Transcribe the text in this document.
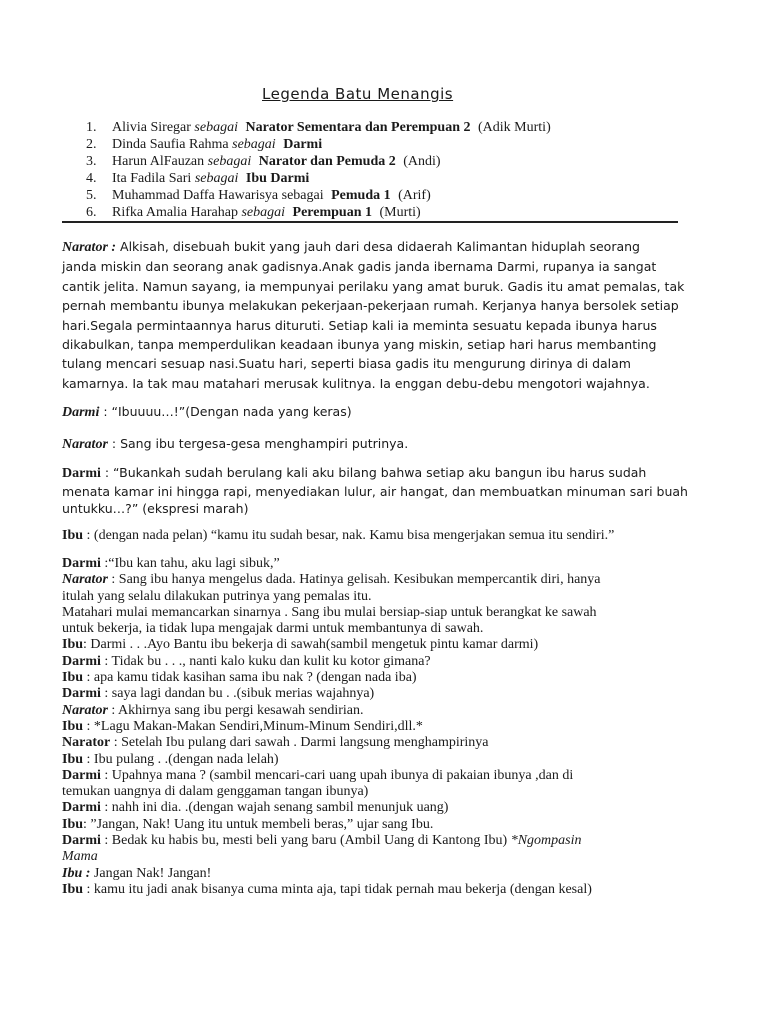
Legenda Batu Menangis
1. Alivia Siregar sebagai Narator Sementara dan Perempuan 2 (Adik Murti)
2. Dinda Saufia Rahma sebagai Darmi
3. Harun AlFauzan sebagai Narator dan Pemuda 2 (Andi)
4. Ita Fadila Sari sebagai Ibu Darmi
5. Muhammad Daffa Hawarisya sebagai Pemuda 1 (Arif)
6. Rifka Amalia Harahap sebagai Perempuan 1 (Murti)

Narator : Alkisah, disebuah bukit yang jauh dari desa didaerah Kalimantan hiduplah seorang
janda miskin dan seorang anak gadisnya.Anak gadis janda ibernama Darmi, rupanya ia sangat
cantik jelita. Namun sayang, ia mempunyai perilaku yang amat buruk. Gadis itu amat pemalas, tak
pernah membantu ibunya melakukan pekerjaan-pekerjaan rumah. Kerjanya hanya bersolek setiap
hari.Segala permintaannya harus dituruti. Setiap kali ia meminta sesuatu kepada ibunya harus
dikabulkan, tanpa memperdulikan keadaan ibunya yang miskin, setiap hari harus membanting
tulang mencari sesuap nasi.Suatu hari, seperti biasa gadis itu mengurung dirinya di dalam
kamarnya. Ia tak mau matahari merusak kulitnya. Ia enggan debu-debu mengotori wajahnya.

Darmi : “Ibuuuu…!”(Dengan nada yang keras)
Narator : Sang ibu tergesa-gesa menghampiri putrinya.
Darmi : “Bukankah sudah berulang kali aku bilang bahwa setiap aku bangun ibu harus sudah
menata kamar ini hingga rapi, menyediakan lulur, air hangat, dan membuatkan minuman sari buah
untukku…?” (ekspresi marah)
Ibu : (dengan nada pelan) “kamu itu sudah besar, nak. Kamu bisa mengerjakan semua itu sendiri.”
Darmi :“Ibu kan tahu, aku lagi sibuk,”
Narator : Sang ibu hanya mengelus dada. Hatinya gelisah. Kesibukan mempercantik diri, hanya
itulah yang selalu dilakukan putrinya yang pemalas itu.
Matahari mulai memancarkan sinarnya . Sang ibu mulai bersiap-siap untuk berangkat ke sawah
untuk bekerja, ia tidak lupa mengajak darmi untuk membantunya di sawah.
Ibu: Darmi . . .Ayo Bantu ibu bekerja di sawah(sambil mengetuk pintu kamar darmi)
Darmi : Tidak bu . . ., nanti kalo kuku dan kulit ku kotor gimana?
Ibu : apa kamu tidak kasihan sama ibu nak ? (dengan nada iba)
Darmi : saya lagi dandan bu . .(sibuk merias wajahnya)
Narator : Akhirnya sang ibu pergi kesawah sendirian.
Ibu : *Lagu Makan-Makan Sendiri,Minum-Minum Sendiri,dll.*
Narator : Setelah Ibu pulang dari sawah . Darmi langsung menghampirinya
Ibu : Ibu pulang . .(dengan nada lelah)
Darmi : Upahnya mana ? (sambil mencari-cari uang upah ibunya di pakaian ibunya ,dan di
temukan uangnya di dalam genggaman tangan ibunya)
Darmi : nahh ini dia. .(dengan wajah senang sambil menunjuk uang)
Ibu: ”Jangan, Nak! Uang itu untuk membeli beras,” ujar sang Ibu.
Darmi : Bedak ku habis bu, mesti beli yang baru (Ambil Uang di Kantong Ibu) *Ngompasin
Mama
Ibu : Jangan Nak! Jangan!
Ibu : kamu itu jadi anak bisanya cuma minta aja, tapi tidak pernah mau bekerja (dengan kesal)
